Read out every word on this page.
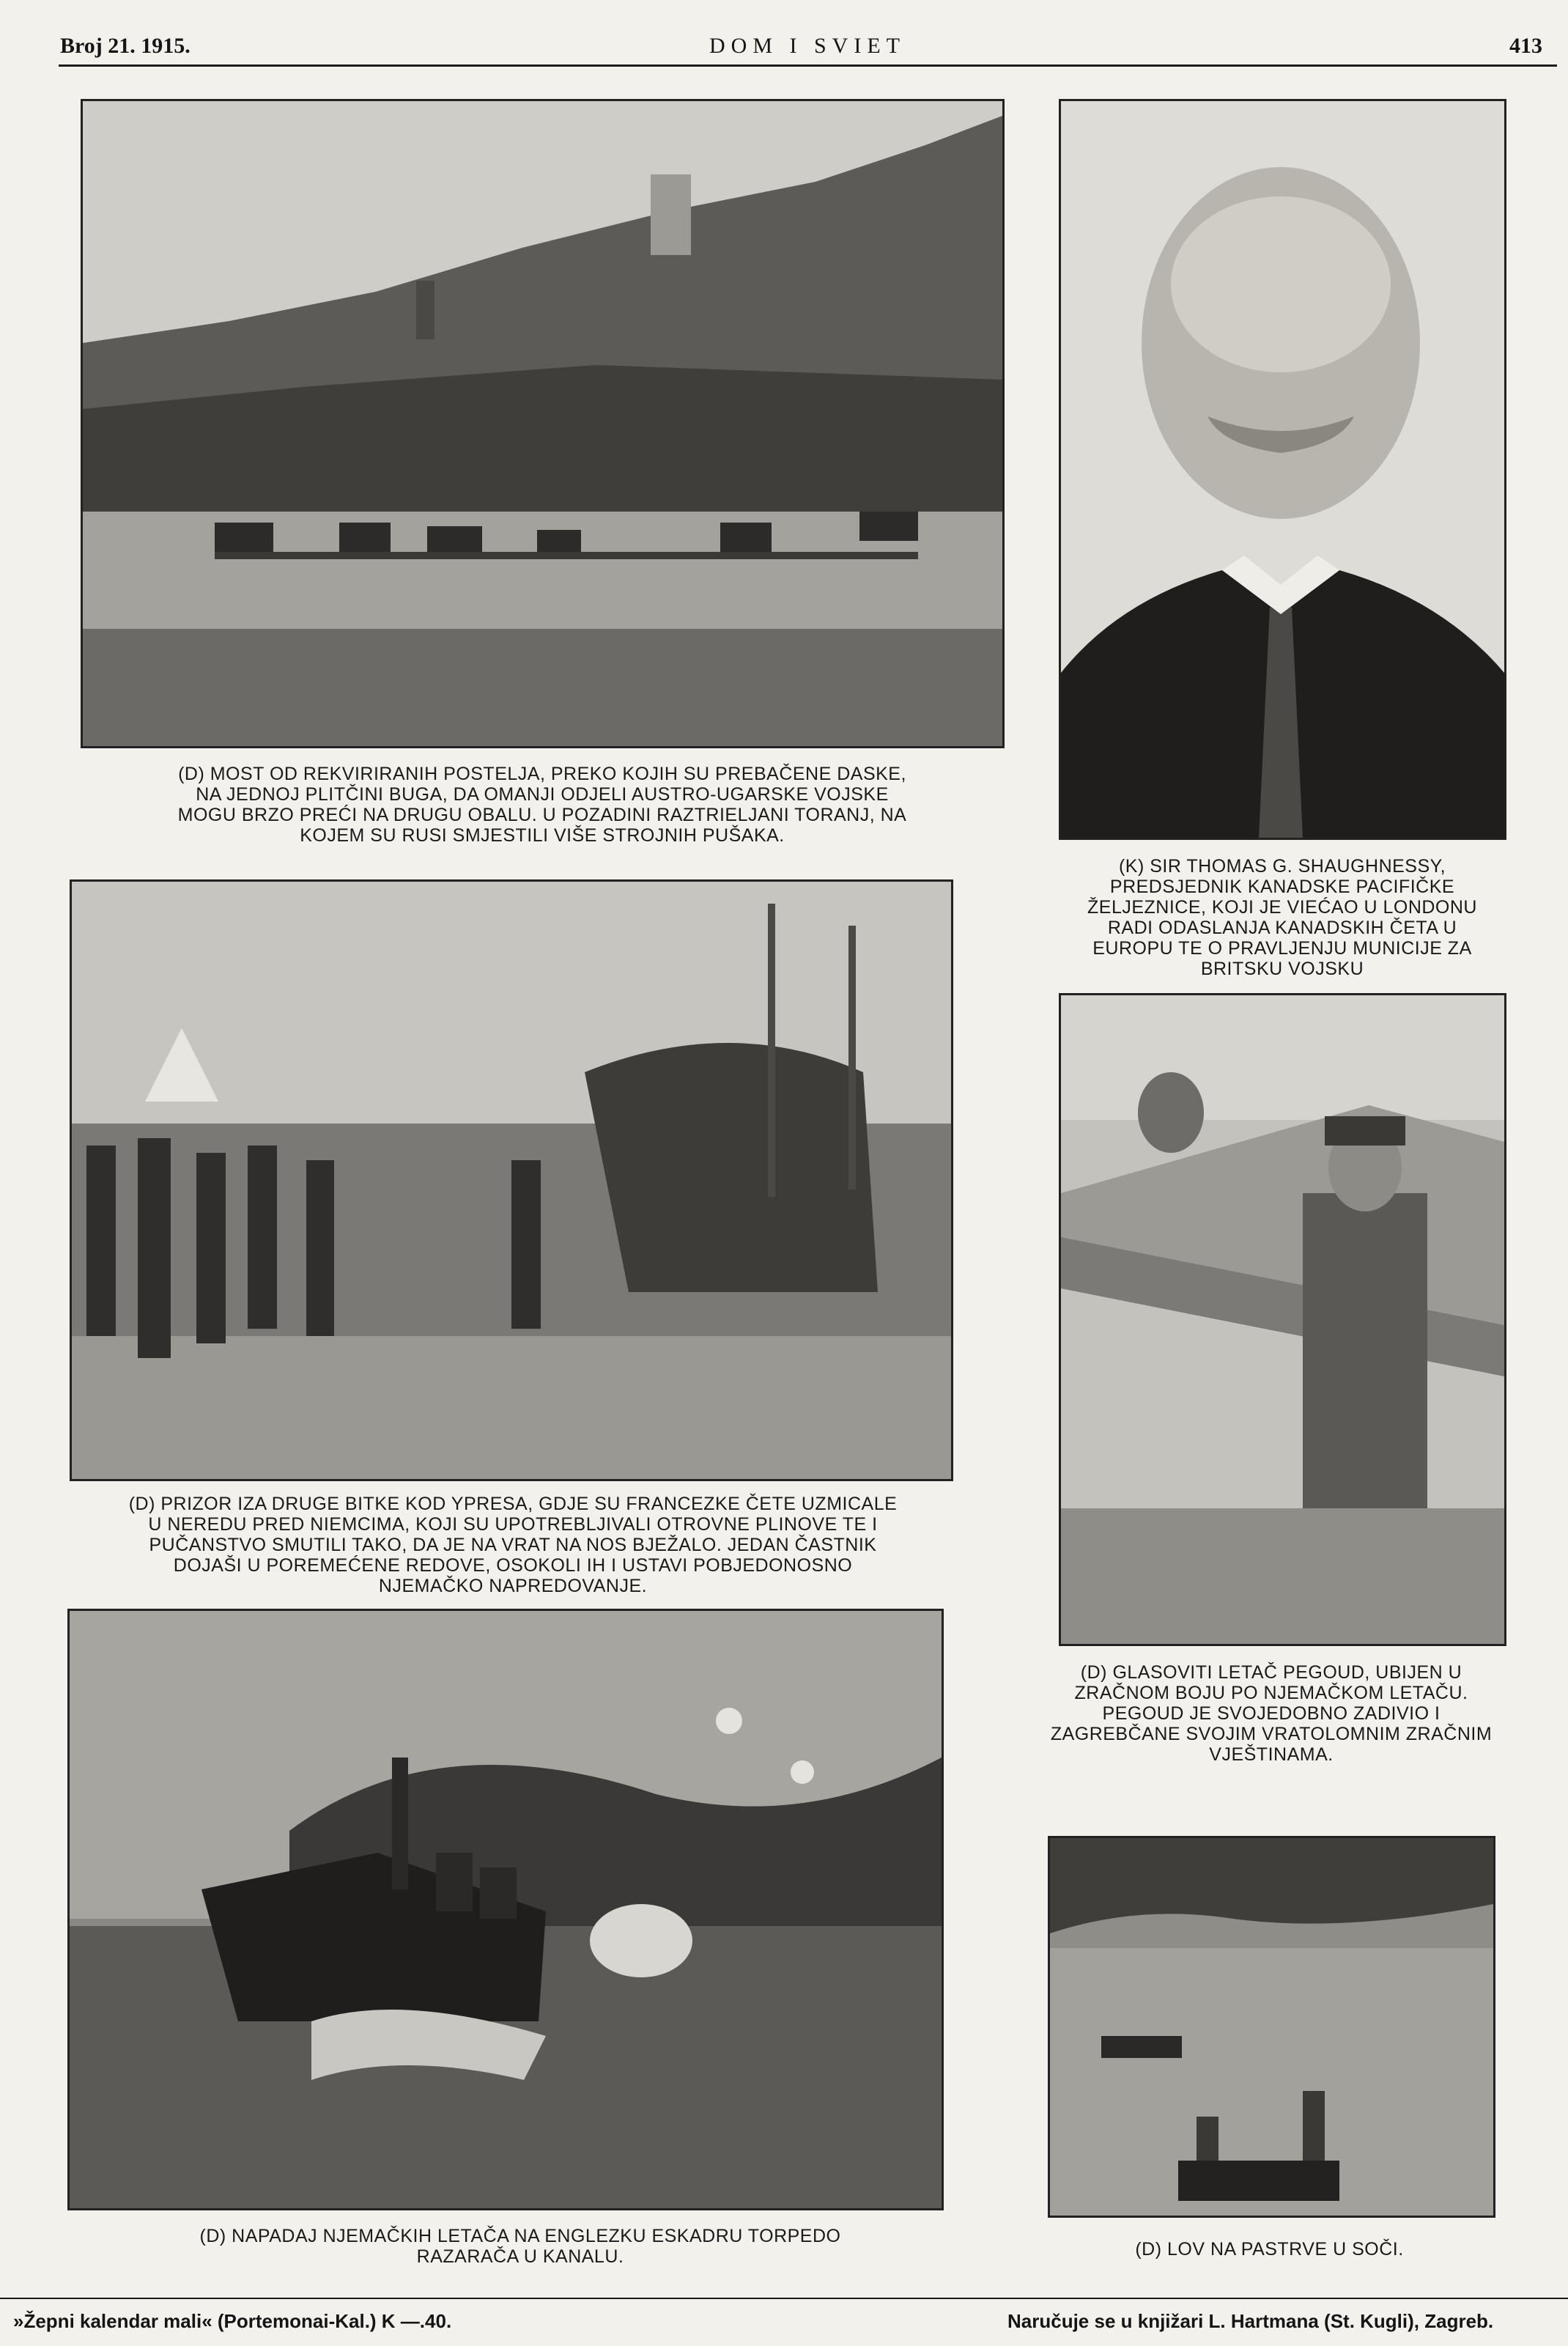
Broj 21. 1915.	DOM I SVIET	413
(D) MOST OD REKVIRIRANIH POSTELJA, PREKO KOJIH SU PREBAČENE DASKE, NA JEDNOJ PLITČINI BUGA, DA OMANJI ODJELI AUSTRO-UGARSKE VOJSKE MOGU BRZO PREĆI NA DRUGU OBALU. U POZADINI RAZTRIELJANI TORANJ, NA KOJEM SU RUSI SMJESTILI VIŠE STROJNIH PUŠAKA.
(K) SIR THOMAS G. SHAUGHNESSY, PREDSJEDNIK KANADSKE PACIFIČKE ŽELJEZNICE, KOJI JE VIEĆAO U LONDONU RADI ODASLANJA KANADSKIH ČETA U EUROPU TE O PRAVLJENJU MUNICIJE ZA BRITSKU VOJSKU
(D) PRIZOR IZA DRUGE BITKE KOD YPRESA, GDJE SU FRANCEZKE ČETE UZMICALE U NEREDU PRED NIEMCIMA, KOJI SU UPOTREBLJIVALI OTROVNE PLINOVE TE I PUČANSTVO SMUTILI TAKO, DA JE NA VRAT NA NOS BJEŽALO. JEDAN ČASTNIK DOJAŠI U POREMEĆENE REDOVE, OSOKOLI IH I USTAVI POBJEDONOSNO NJEMAČKO NAPREDOVANJE.
(D) GLASOVITI LETAČ PEGOUD, UBIJEN U ZRAČNOM BOJU PO NJEMAČKOM LETAČU. PEGOUD JE SVOJEDOBNO ZADIVIO I ZAGREBČANE SVOJIM VRATOLOMNIM ZRAČNIM VJEŠTINAMA.
(D) NAPADAJ NJEMAČKIH LETAČA NA ENGLEZKU ESKADRU TORPEDO RAZARAČA U KANALU.	(D) LOV NA PASTRVE U SOČI.
»Žepni kalendar mali« (Portemonai-Kal.) K —.40.	Naručuje se u knjižari L. Hartmana (St. Kugli), Zagreb.
